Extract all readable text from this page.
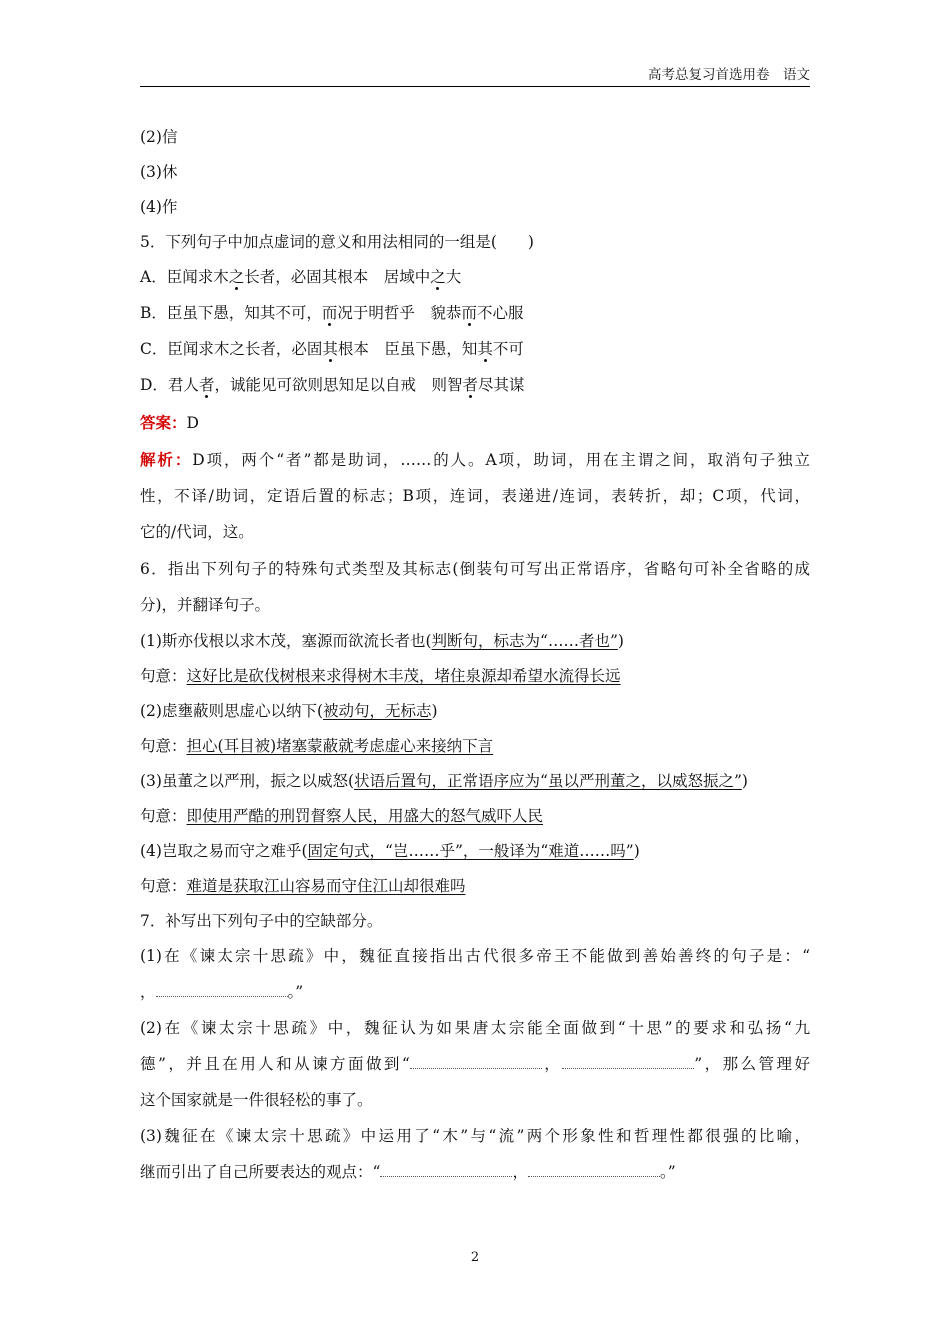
高考总复习首选用卷　语文
(2)信
(3)休
(4)作
5．下列句子中加点虚词的意义和用法相同的一组是(　　)
A．臣闻求木之长者，必固其根本　居域中之大
B．臣虽下愚，知其不可，而况于明哲乎　貌恭而不心服
C．臣闻求木之长者，必固其根本　臣虽下愚，知其不可
D．君人者，诚能见可欲则思知足以自戒　则智者尽其谋
答案：D
解析：D项，两个“者”都是助词，……的人。A项，助词，用在主谓之间，取消句子独立
性，不译/助词，定语后置的标志；B项，连词，表递进/连词，表转折，却；C项，代词，
它的/代词，这。
6．指出下列句子的特殊句式类型及其标志(倒装句可写出正常语序，省略句可补全省略的成
分)，并翻译句子。
(1)斯亦伐根以求木茂，塞源而欲流长者也(判断句，标志为“……者也”)
句意：这好比是砍伐树根来求得树木丰茂，堵住泉源却希望水流得长远
(2)虑壅蔽则思虚心以纳下(被动句，无标志)
句意：担心(耳目被)堵塞蒙蔽就考虑虚心来接纳下言
(3)虽董之以严刑，振之以威怒(状语后置句，正常语序应为“虽以严刑董之，以威怒振之”)
句意：即使用严酷的刑罚督察人民，用盛大的怒气威吓人民
(4)岂取之易而守之难乎(固定句式，“岂……乎”，一般译为“难道……吗”)
句意：难道是获取江山容易而守住江山却很难吗
7．补写出下列句子中的空缺部分。
(1)在《谏太宗十思疏》中，魏征直接指出古代很多帝王不能做到善始善终的句子是：“
，	。”
(2)在《谏太宗十思疏》中，魏征认为如果唐太宗能全面做到“十思”的要求和弘扬“九
德”，并且在用人和从谏方面做到“	，	”，那么管理好
这个国家就是一件很轻松的事了。
(3)魏征在《谏太宗十思疏》中运用了“木”与“流”两个形象性和哲理性都很强的比喻，
继而引出了自己所要表达的观点：“	，	。”
2
